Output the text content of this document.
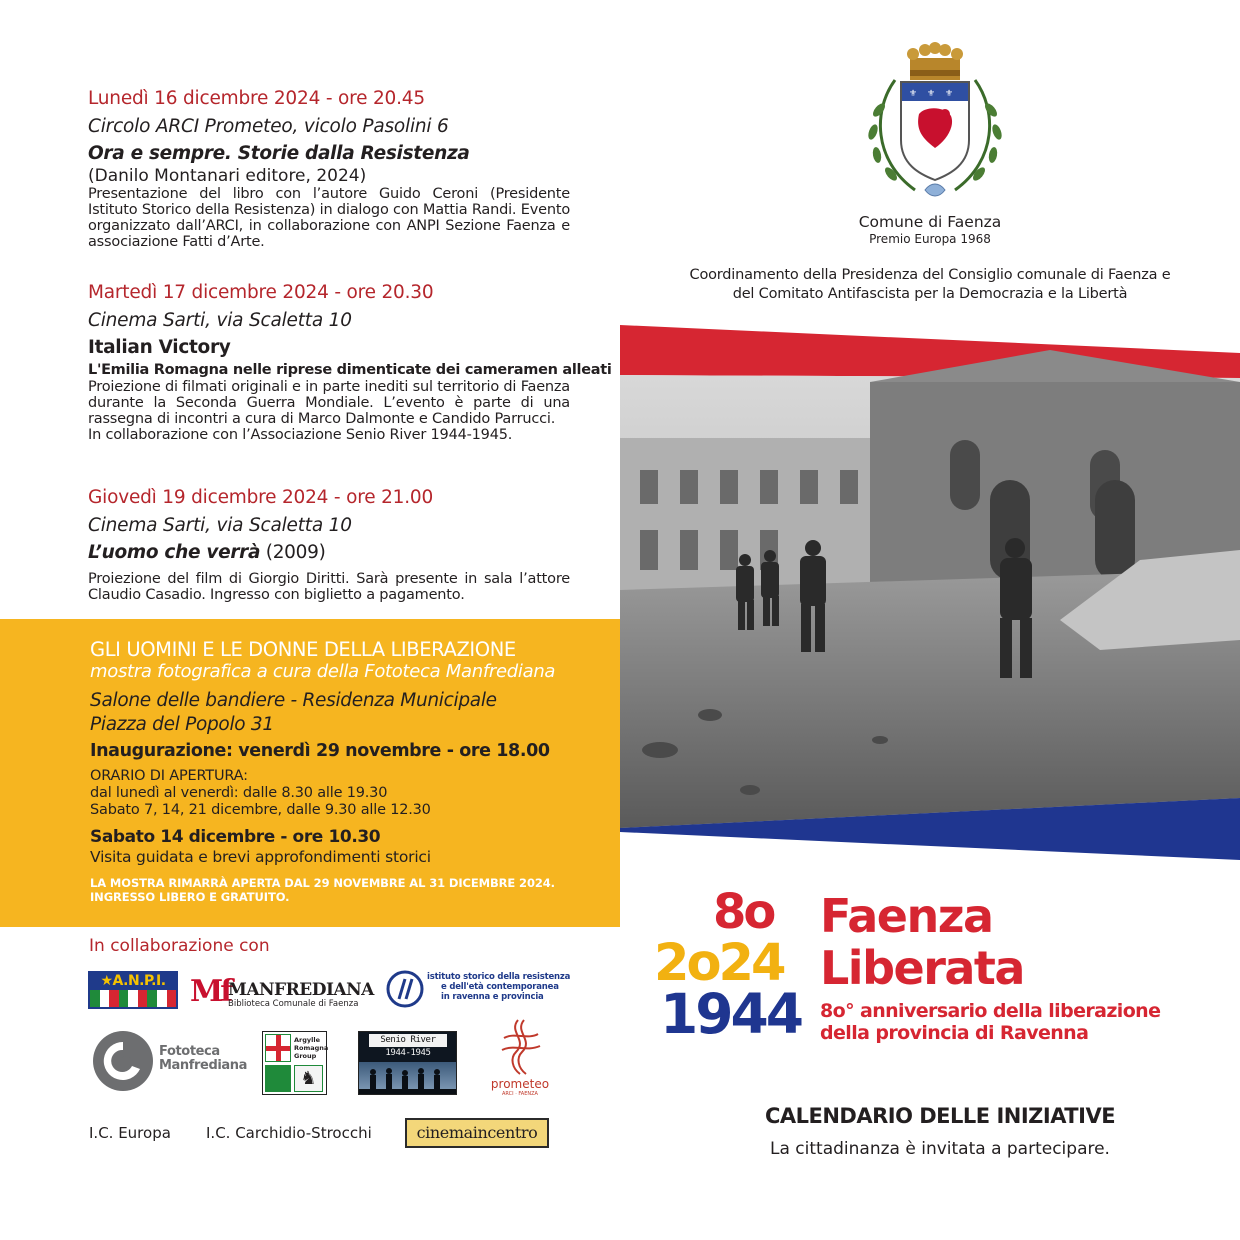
Lunedì 16 dicembre 2024 - ore 20.45
Circolo ARCI Prometeo, vicolo Pasolini 6
Ora e sempre. Storie dalla Resistenza
(Danilo Montanari editore, 2024)
Presentazione del libro con l’autore Guido Ceroni (Presidente Istituto Storico della Resistenza) in dialogo con Mattia Randi. Evento organizzato dall’ARCI, in collaborazione con ANPI Sezione Faenza e associazione Fatti d’Arte.
Martedì 17 dicembre 2024 - ore 20.30
Cinema Sarti, via Scaletta 10
Italian Victory
L'Emilia Romagna nelle riprese dimenticate dei cameramen alleati
Proiezione di filmati originali e in parte inediti sul territorio di Faenza durante la Seconda Guerra Mondiale. L’evento è parte di una rassegna di incontri a cura di Marco Dalmonte e Candido Parrucci.
In collaborazione con l’Associazione Senio River 1944-1945.
Giovedì 19 dicembre 2024 - ore 21.00
Cinema Sarti, via Scaletta 10
L’uomo che verrà (2009)
Proiezione del film di Giorgio Diritti. Sarà presente in sala l’attore Claudio Casadio. Ingresso con biglietto a pagamento.
GLI UOMINI E LE DONNE DELLA LIBERAZIONE
mostra fotografica a cura della Fototeca Manfrediana
Salone delle bandiere - Residenza Municipale
Piazza del Popolo 31
Inaugurazione: venerdì 29 novembre - ore 18.00
ORARIO DI APERTURA:
dal lunedì al venerdì: dalle 8.30 alle 19.30
Sabato 7, 14, 21 dicembre, dalle 9.30 alle 12.30
Sabato 14 dicembre - ore 10.30
Visita guidata e brevi approfondimenti storici
LA MOSTRA RIMARRÀ APERTA DAL 29 NOVEMBRE AL 31 DICEMBRE 2024.
INGRESSO LIBERO E GRATUITO.
In collaborazione con
★A.N.P.I. Mf
MANFREDIANA
Biblioteca Comunale di Faenza
istituto storico della resistenza
e dell'età contemporanea
in ravenna e provincia
Fototeca
Manfrediana
Argylle
Romagna
Group
♞
Senio River
1944-1945
prometeo
ARCI · FAENZA
I.C. Europa I.C. Carchidio-Strocchi	cinemaincentro
⚜ ⚜ ⚜
Comune di Faenza
Premio Europa 1968
Coordinamento della Presidenza del Consiglio comunale di Faenza e
del Comitato Antifascista per la Democrazia e la Libertà
8o
2o24
1944
Faenza
Liberata
8o° anniversario della liberazione
della provincia di Ravenna
CALENDARIO DELLE INIZIATIVE
La cittadinanza è invitata a partecipare.
